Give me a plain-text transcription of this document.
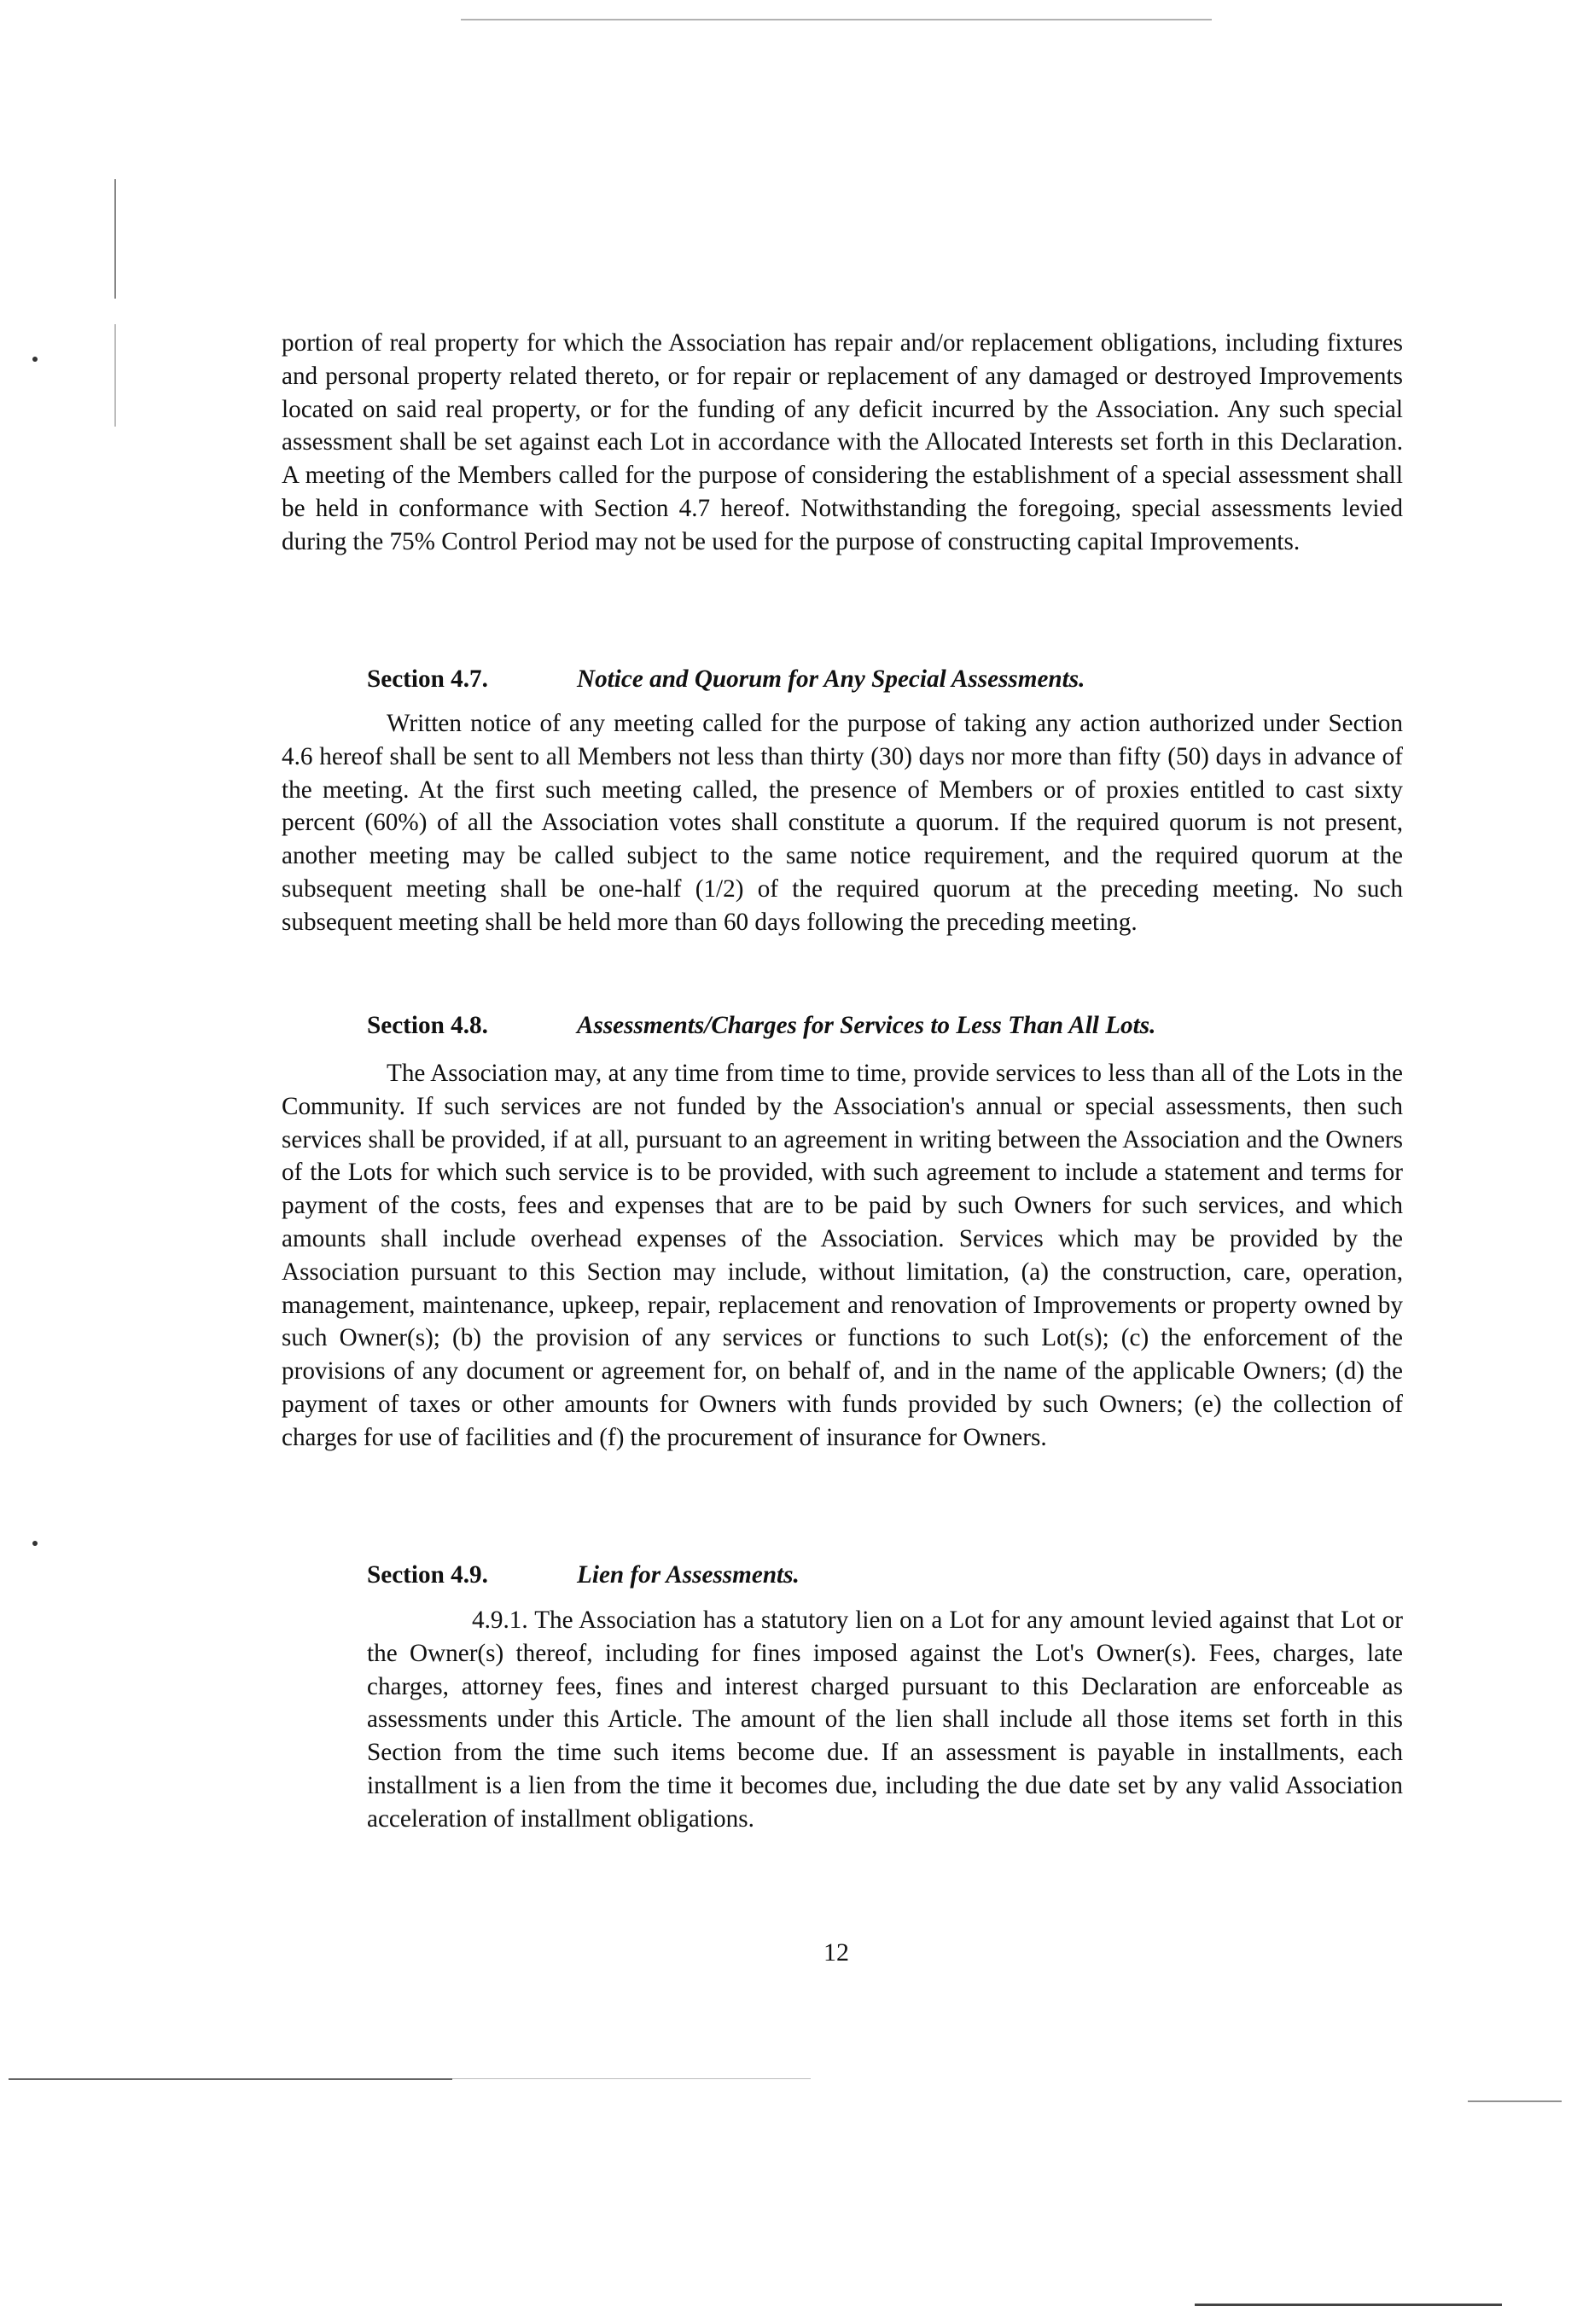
portion of real property for which the Association has repair and/or replacement obligations, including fixtures and personal property related thereto, or for repair or replacement of any damaged or destroyed Improvements located on said real property, or for the funding of any deficit incurred by the Association. Any such special assessment shall be set against each Lot in accordance with the Allocated Interests set forth in this Declaration. A meeting of the Members called for the purpose of considering the establishment of a special assessment shall be held in conformance with Section 4.7 hereof. Notwithstanding the foregoing, special assessments levied during the 75% Control Period may not be used for the purpose of constructing capital Improvements.

Section 4.7.	Notice and Quorum for Any Special Assessments.

Written notice of any meeting called for the purpose of taking any action authorized under Section 4.6 hereof shall be sent to all Members not less than thirty (30) days nor more than fifty (50) days in advance of the meeting. At the first such meeting called, the presence of Members or of proxies entitled to cast sixty percent (60%) of all the Association votes shall constitute a quorum. If the required quorum is not present, another meeting may be called subject to the same notice requirement, and the required quorum at the subsequent meeting shall be one-half (1/2) of the required quorum at the preceding meeting. No such subsequent meeting shall be held more than 60 days following the preceding meeting.

Section 4.8.	Assessments/Charges for Services to Less Than All Lots.

The Association may, at any time from time to time, provide services to less than all of the Lots in the Community. If such services are not funded by the Association's annual or special assessments, then such services shall be provided, if at all, pursuant to an agreement in writing between the Association and the Owners of the Lots for which such service is to be provided, with such agreement to include a statement and terms for payment of the costs, fees and expenses that are to be paid by such Owners for such services, and which amounts shall include overhead expenses of the Association. Services which may be provided by the Association pursuant to this Section may include, without limitation, (a) the construction, care, operation, management, maintenance, upkeep, repair, replacement and renovation of Improvements or property owned by such Owner(s); (b) the provision of any services or functions to such Lot(s); (c) the enforcement of the provisions of any document or agreement for, on behalf of, and in the name of the applicable Owners; (d) the payment of taxes or other amounts for Owners with funds provided by such Owners; (e) the collection of charges for use of facilities and (f) the procurement of insurance for Owners.

Section 4.9.	Lien for Assessments.

4.9.1. The Association has a statutory lien on a Lot for any amount levied against that Lot or the Owner(s) thereof, including for fines imposed against the Lot's Owner(s). Fees, charges, late charges, attorney fees, fines and interest charged pursuant to this Declaration are enforceable as assessments under this Article. The amount of the lien shall include all those items set forth in this Section from the time such items become due. If an assessment is payable in installments, each installment is a lien from the time it becomes due, including the due date set by any valid Association acceleration of installment obligations.

12
